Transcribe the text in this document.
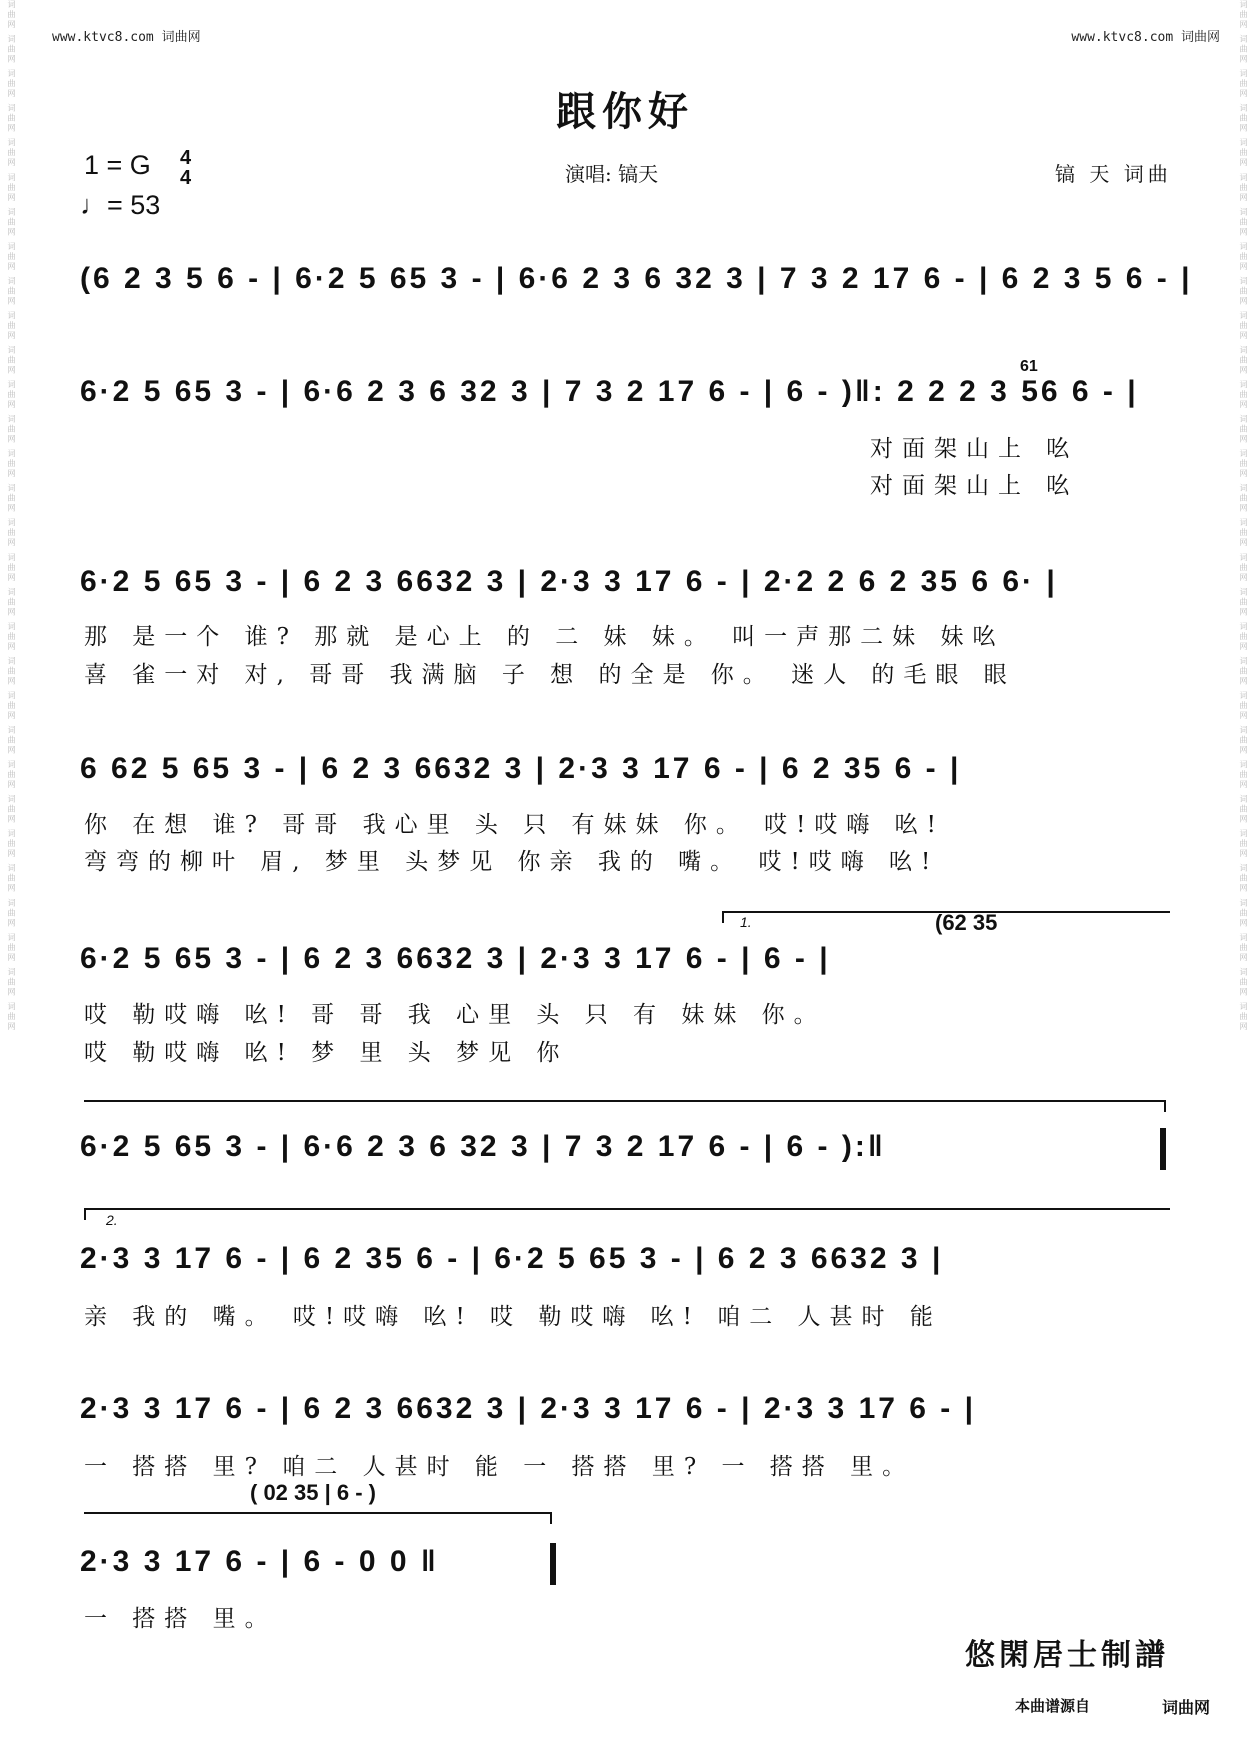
词曲网 词曲网 词曲网 词曲网 词曲网 词曲网 词曲网 词曲网 词曲网 词曲网 词曲网 词曲网 词曲网 词曲网 词曲网 词曲网 词曲网 词曲网 词曲网 词曲网 词曲网 词曲网 词曲网 词曲网 词曲网 词曲网 词曲网 词曲网 词曲网 词曲网
词曲网 词曲网 词曲网 词曲网 词曲网 词曲网 词曲网 词曲网 词曲网 词曲网 词曲网 词曲网 词曲网 词曲网 词曲网 词曲网 词曲网 词曲网 词曲网 词曲网 词曲网 词曲网 词曲网 词曲网 词曲网 词曲网 词曲网 词曲网 词曲网 词曲网
www.ktvc8.com 词曲网	www.ktvc8.com 词曲网
跟你好
1 = G 4
4
♩= 53
演唱: 镐天	镐 天 词曲
(6 2 3 5 6 - | 6·2 5 65 3 - | 6·6 2 3 6 32 3 | 7 3 2 17 6 - | 6 2 3 5 6 - |
6·2 5 65 3 - | 6·6 2 3 6 32 3 | 7 3 2 17 6 - | 6 - )‖: 2 2 2 3 56 6 - |
61
对面架山上 吆
对面架山上 吆
6·2 5 65 3 - | 6 2 3 6632 3 | 2·3 3 17 6 - | 2·2 2 6 2 35 6 6· |
那 是一个 谁? 那就 是心上 的 二 妹 妹。 叫一声那二妹 妹吆
喜 雀一对 对, 哥哥 我满脑 子 想 的全是 你。 迷人 的毛眼 眼
6 62 5 65 3 - | 6 2 3 6632 3 | 2·3 3 17 6 - | 6 2 35 6 - |
你 在想 谁? 哥哥 我心里 头 只 有妹妹 你。 哎!哎嗨 吆!
弯弯的柳叶 眉, 梦里 头梦见 你亲 我的 嘴。 哎!哎嗨 吆!
1.	(62 35
6·2 5 65 3 - | 6 2 3 6632 3 | 2·3 3 17 6 - | 6 - |
哎 勒哎嗨 吆! 哥 哥 我 心里 头 只 有 妹妹 你。
哎 勒哎嗨 吆! 梦 里 头 梦见 你
6·2 5 65 3 - | 6·6 2 3 6 32 3 | 7 3 2 17 6 - | 6 - ):‖
2.
2·3 3 17 6 - | 6 2 35 6 - | 6·2 5 65 3 - | 6 2 3 6632 3 |
亲 我的 嘴。 哎!哎嗨 吆! 哎 勒哎嗨 吆! 咱二 人甚时 能
2·3 3 17 6 - | 6 2 3 6632 3 | 2·3 3 17 6 - | 2·3 3 17 6 - |
一 搭搭 里? 咱二 人甚时 能 一 搭搭 里? 一 搭搭 里。
( 02 35 | 6 - )
2·3 3 17 6 - | 6 - 0 0 ‖
一 搭搭 里。
悠閑居士制譜
本曲谱源自	词曲网
